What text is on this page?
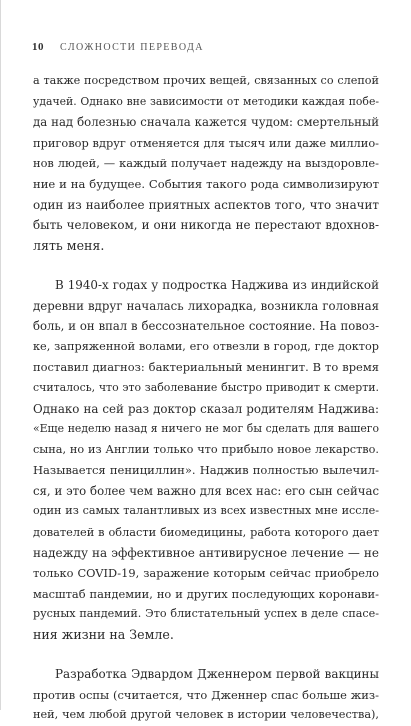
10 СЛОЖНОСТИ ПЕРЕВОДА
а также посредством прочих вещей, связанных со слепой
удачей. Однако вне зависимости от методики каждая побе-
да над болезнью сначала кажется чудом: смертельный
приговор вдруг отменяется для тысяч или даже миллио-
нов людей, — каждый получает надежду на выздоровле-
ние и на будущее. События такого рода символизируют
один из наиболее приятных аспектов того, что значит
быть человеком, и они никогда не перестают вдохнов-
лять меня.
В 1940-х годах у подростка Наджива из индийской
деревни вдруг началась лихорадка, возникла головная
боль, и он впал в бессознательное состояние. На повоз-
ке, запряженной волами, его отвезли в город, где доктор
поставил диагноз: бактериальный менингит. В то время
считалось, что это заболевание быстро приводит к смерти.
Однако на сей раз доктор сказал родителям Наджива:
«Еще неделю назад я ничего не мог бы сделать для вашего
сына, но из Англии только что прибыло новое лекарство.
Называется пенициллин». Наджив полностью вылечил-
ся, и это более чем важно для всех нас: его сын сейчас
один из самых талантливых из всех известных мне иссле-
дователей в области биомедицины, работа которого дает
надежду на эффективное антивирусное лечение — не
только COVID-19, заражение которым сейчас приобрело
масштаб пандемии, но и других последующих коронави-
русных пандемий. Это блистательный успех в деле спасе-
ния жизни на Земле.
Разработка Эдвардом Дженнером первой вакцины
против оспы (считается, что Дженнер спас больше жиз-
ней, чем любой другой человек в истории человечества),
